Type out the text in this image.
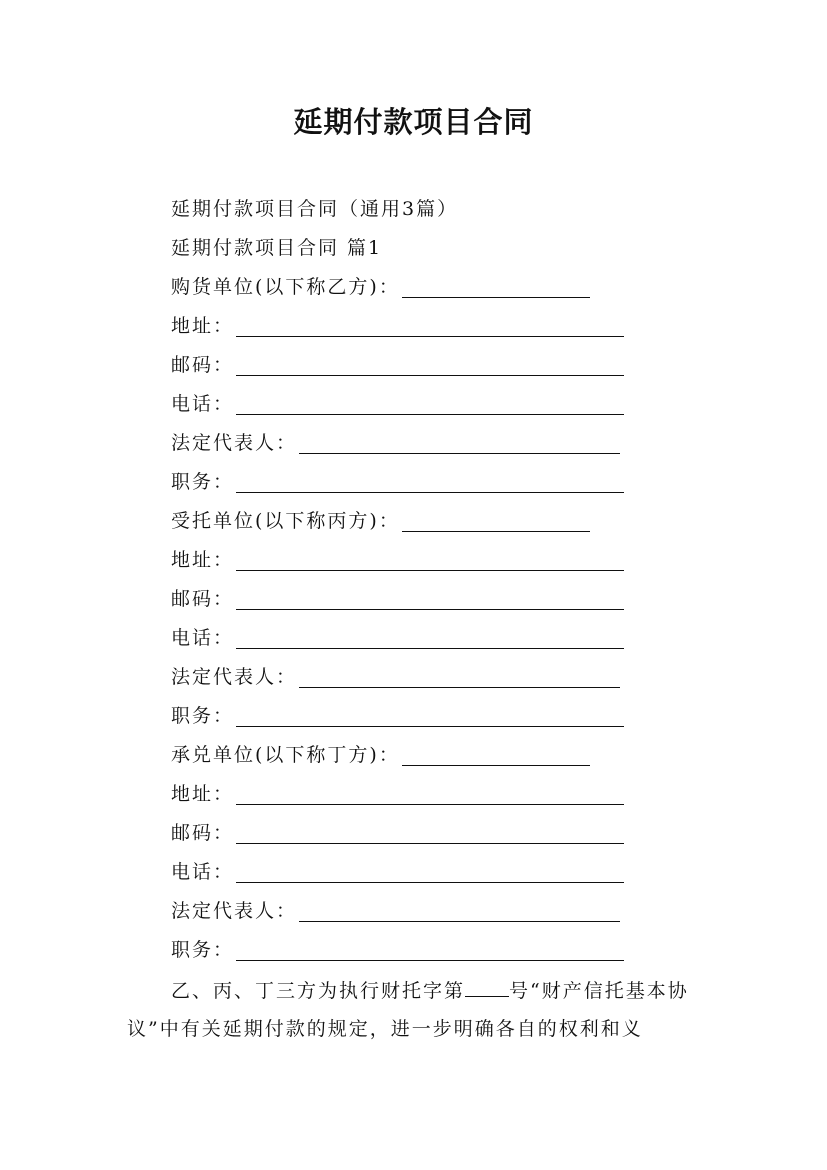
延期付款项目合同
延期付款项目合同（通用3篇）
延期付款项目合同 篇1
购货单位(以下称乙方)：
地址：
邮码：
电话：
法定代表人：
职务：
受托单位(以下称丙方)：
地址：
邮码：
电话：
法定代表人：
职务：
承兑单位(以下称丁方)：
地址：
邮码：
电话：
法定代表人：
职务：
乙、丙、丁三方为执行财托字第 号“财产信托基本协议”中有关延期付款的规定，进一步明确各自的权利和义
